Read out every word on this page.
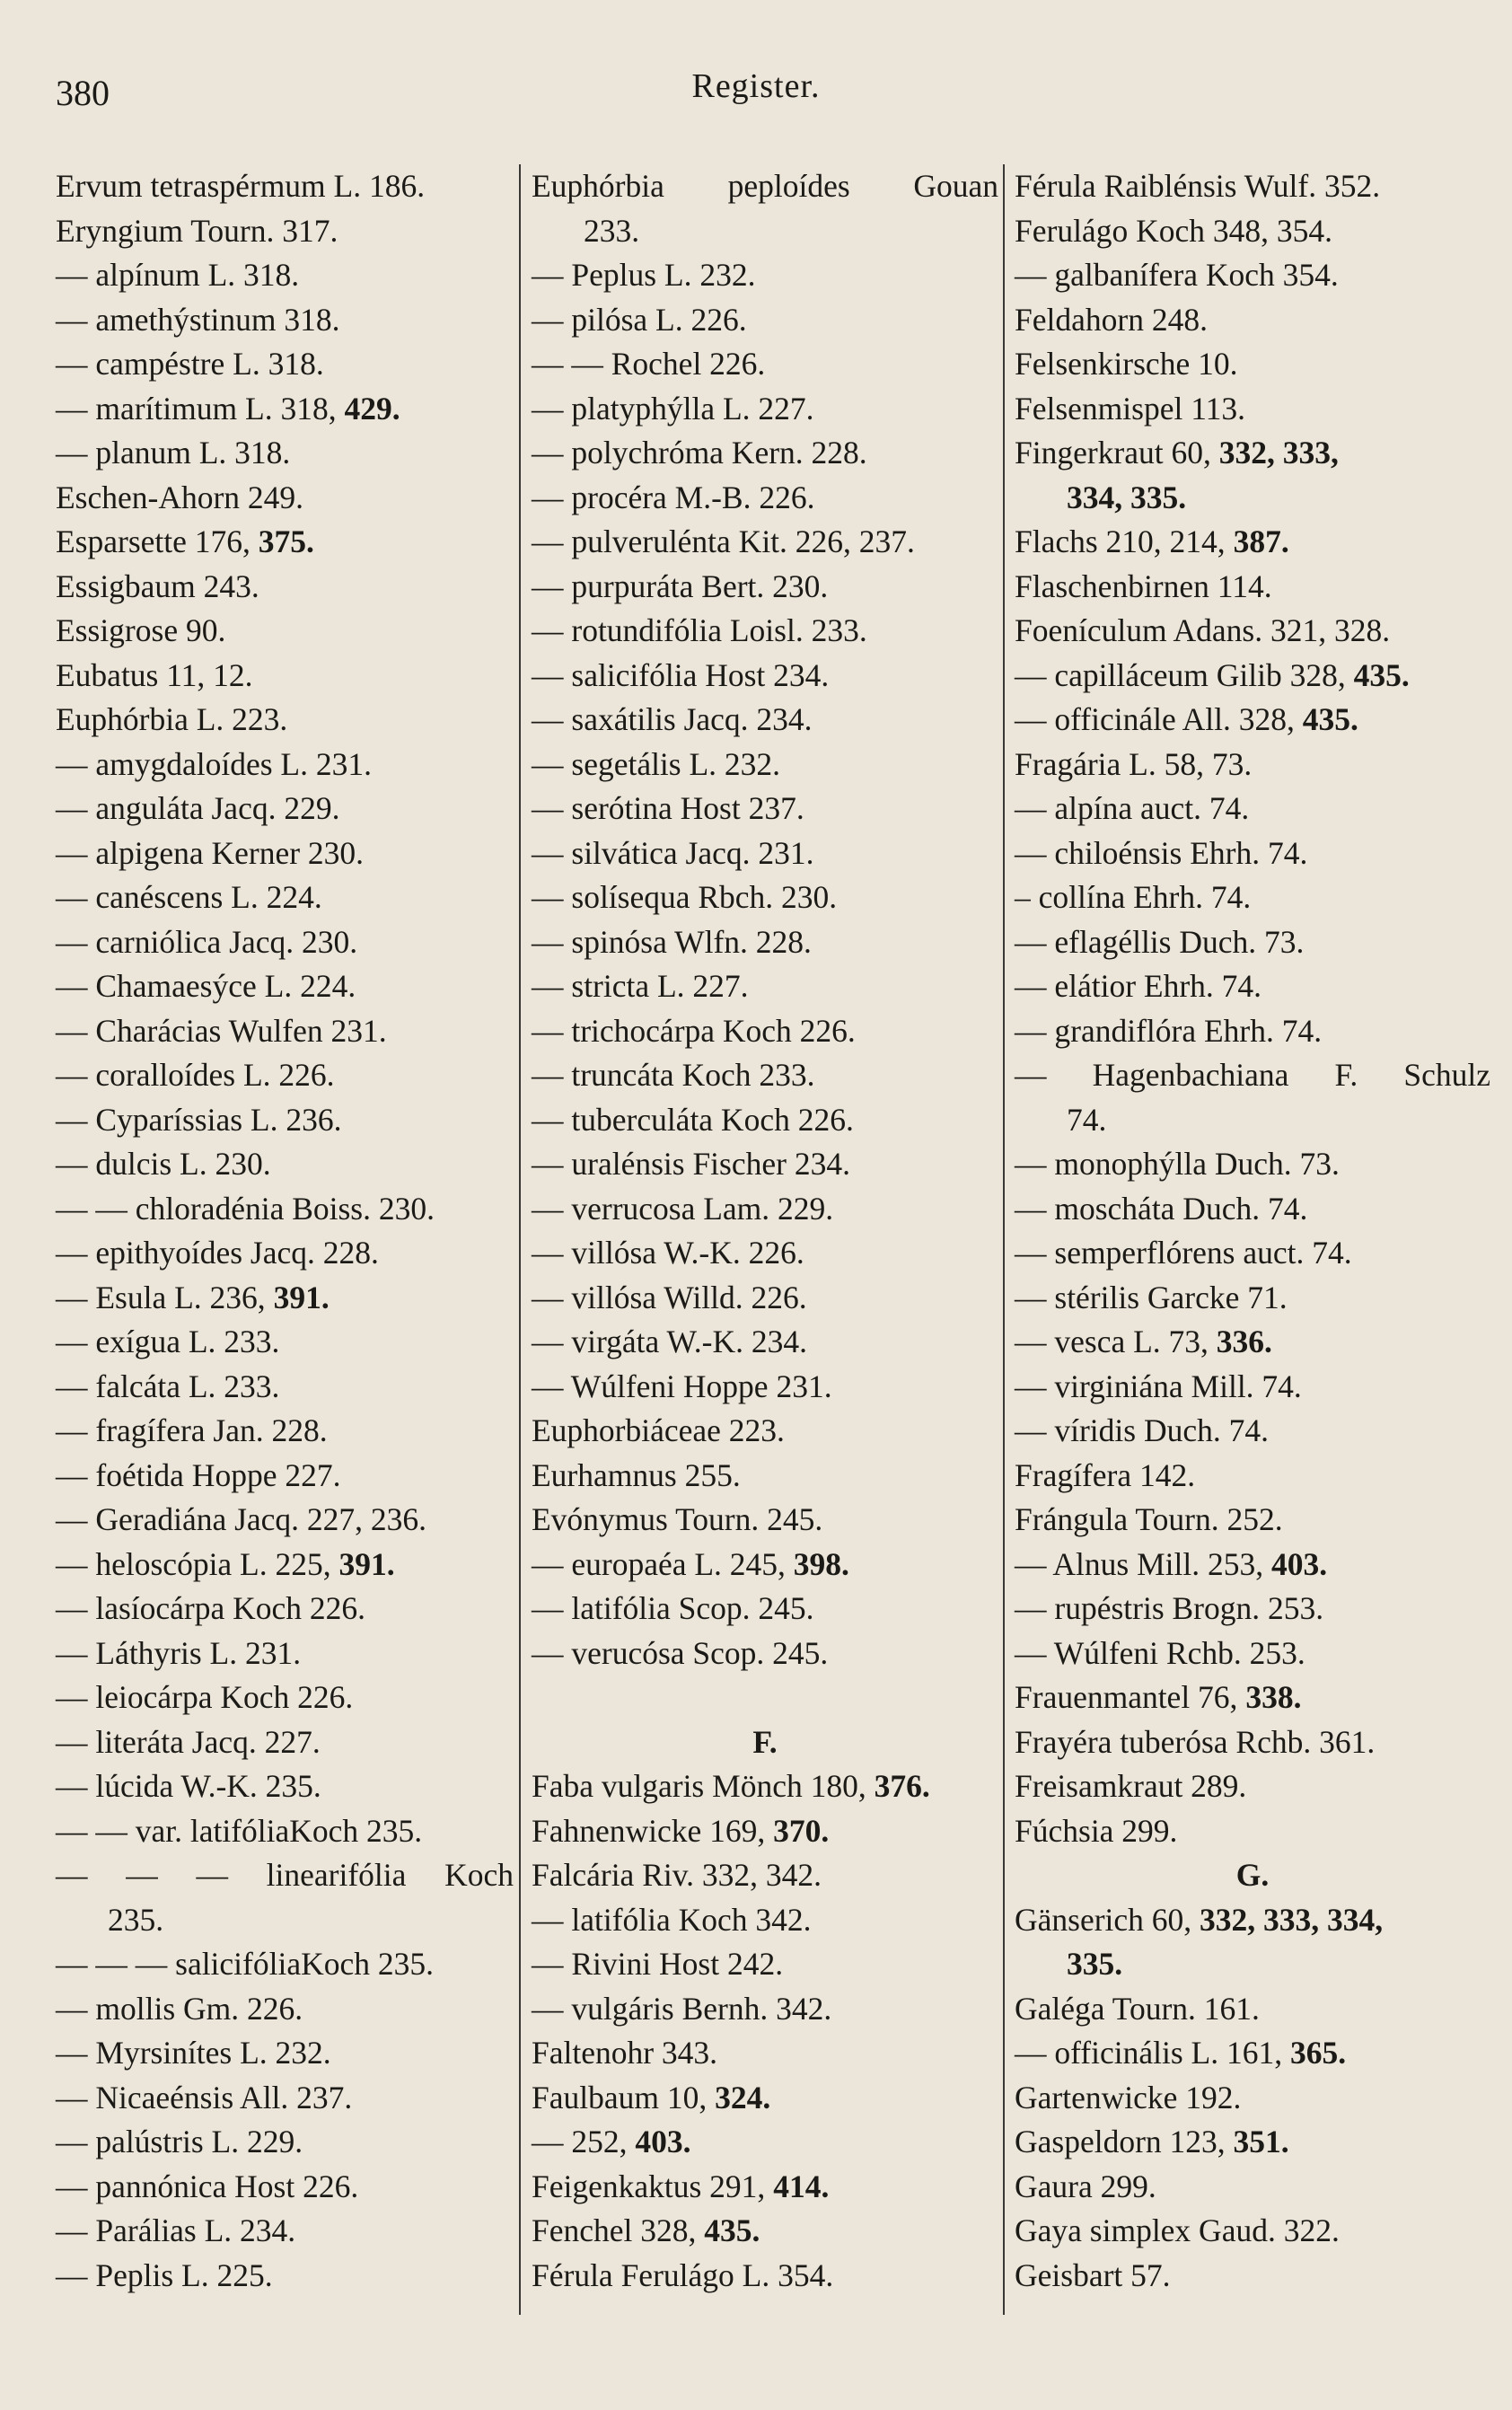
380	Register.
Ervum tetraspérmum L. 186.
Eryngium Tourn. 317.
— alpínum L. 318.
— amethýstinum 318.
— campéstre L. 318.
— marítimum L. 318, 429.
— planum L. 318.
Eschen-Ahorn 249.
Esparsette 176, 375.
Essigbaum 243.
Essigrose 90.
Eubatus 11, 12.
Euphórbia L. 223.
— amygdaloídes L. 231.
— anguláta Jacq. 229.
— alpigena Kerner 230.
— canéscens L. 224.
— carniólica Jacq. 230.
— Chamaesýce L. 224.
— Charácias Wulfen 231.
— coralloídes L. 226.
— Cyparíssias L. 236.
— dulcis L. 230.
— — chloradénia Boiss. 230.
— epithyoídes Jacq. 228.
— Esula L. 236, 391.
— exígua L. 233.
— falcáta L. 233.
— fragífera Jan. 228.
— foétida Hoppe 227.
— Geradiána Jacq. 227, 236.
— heloscópia L. 225, 391.
— lasíocárpa Koch 226.
— Láthyris L. 231.
— leiocárpa Koch 226.
— literáta Jacq. 227.
— lúcida W.-K. 235.
— — var. latifóliaKoch 235.
— — — linearifólia Koch
235.
— — — salicifóliaKoch 235.
— mollis Gm. 226.
— Myrsinítes L. 232.
— Nicaeénsis All. 237.
— palústris L. 229.
— pannónica Host 226.
— Parálias L. 234.
— Peplis L. 225.
Euphórbia peploídes Gouan
233.
— Peplus L. 232.
— pilósa L. 226.
— — Rochel 226.
— platyphýlla L. 227.
— polychróma Kern. 228.
— procéra M.-B. 226.
— pulverulénta Kit. 226, 237.
— purpuráta Bert. 230.
— rotundifólia Loisl. 233.
— salicifólia Host 234.
— saxátilis Jacq. 234.
— segetális L. 232.
— serótina Host 237.
— silvática Jacq. 231.
— solísequa Rbch. 230.
— spinósa Wlfn. 228.
— stricta L. 227.
— trichocárpa Koch 226.
— truncáta Koch 233.
— tuberculáta Koch 226.
— uralénsis Fischer 234.
— verrucosa Lam. 229.
— villósa W.-K. 226.
— villósa Willd. 226.
— virgáta W.-K. 234.
— Wúlfeni Hoppe 231.
Euphorbiáceae 223.
Eurhamnus 255.
Evónymus Tourn. 245.
— europaéa L. 245, 398.
— latifólia Scop. 245.
— verucósa Scop. 245.
F.
Faba vulgaris Mönch 180, 376.
Fahnenwicke 169, 370.
Falcária Riv. 332, 342.
— latifólia Koch 342.
— Rivini Host 242.
— vulgáris Bernh. 342.
Faltenohr 343.
Faulbaum 10, 324.
— 252, 403.
Feigenkaktus 291, 414.
Fenchel 328, 435.
Férula Ferulágo L. 354.
Férula Raiblénsis Wulf. 352.
Ferulágo Koch 348, 354.
— galbanífera Koch 354.
Feldahorn 248.
Felsenkirsche 10.
Felsenmispel 113.
Fingerkraut 60, 332, 333,
334, 335.
Flachs 210, 214, 387.
Flaschenbirnen 114.
Foenículum Adans. 321, 328.
— capilláceum Gilib 328, 435.
— officinále All. 328, 435.
Fragária L. 58, 73.
— alpína auct. 74.
— chiloénsis Ehrh. 74.
– collína Ehrh. 74.
— eflagéllis Duch. 73.
— elátior Ehrh. 74.
— grandiflóra Ehrh. 74.
— Hagenbachiana F. Schulz
74.
— monophýlla Duch. 73.
— moscháta Duch. 74.
— semperflórens auct. 74.
— stérilis Garcke 71.
— vesca L. 73, 336.
— virginiána Mill. 74.
— víridis Duch. 74.
Fragífera 142.
Frángula Tourn. 252.
— Alnus Mill. 253, 403.
— rupéstris Brogn. 253.
— Wúlfeni Rchb. 253.
Frauenmantel 76, 338.
Frayéra tuberósa Rchb. 361.
Freisamkraut 289.
Fúchsia 299.
G.
Gänserich 60, 332, 333, 334,
335.
Galéga Tourn. 161.
— officinális L. 161, 365.
Gartenwicke 192.
Gaspeldorn 123, 351.
Gaura 299.
Gaya simplex Gaud. 322.
Geisbart 57.
